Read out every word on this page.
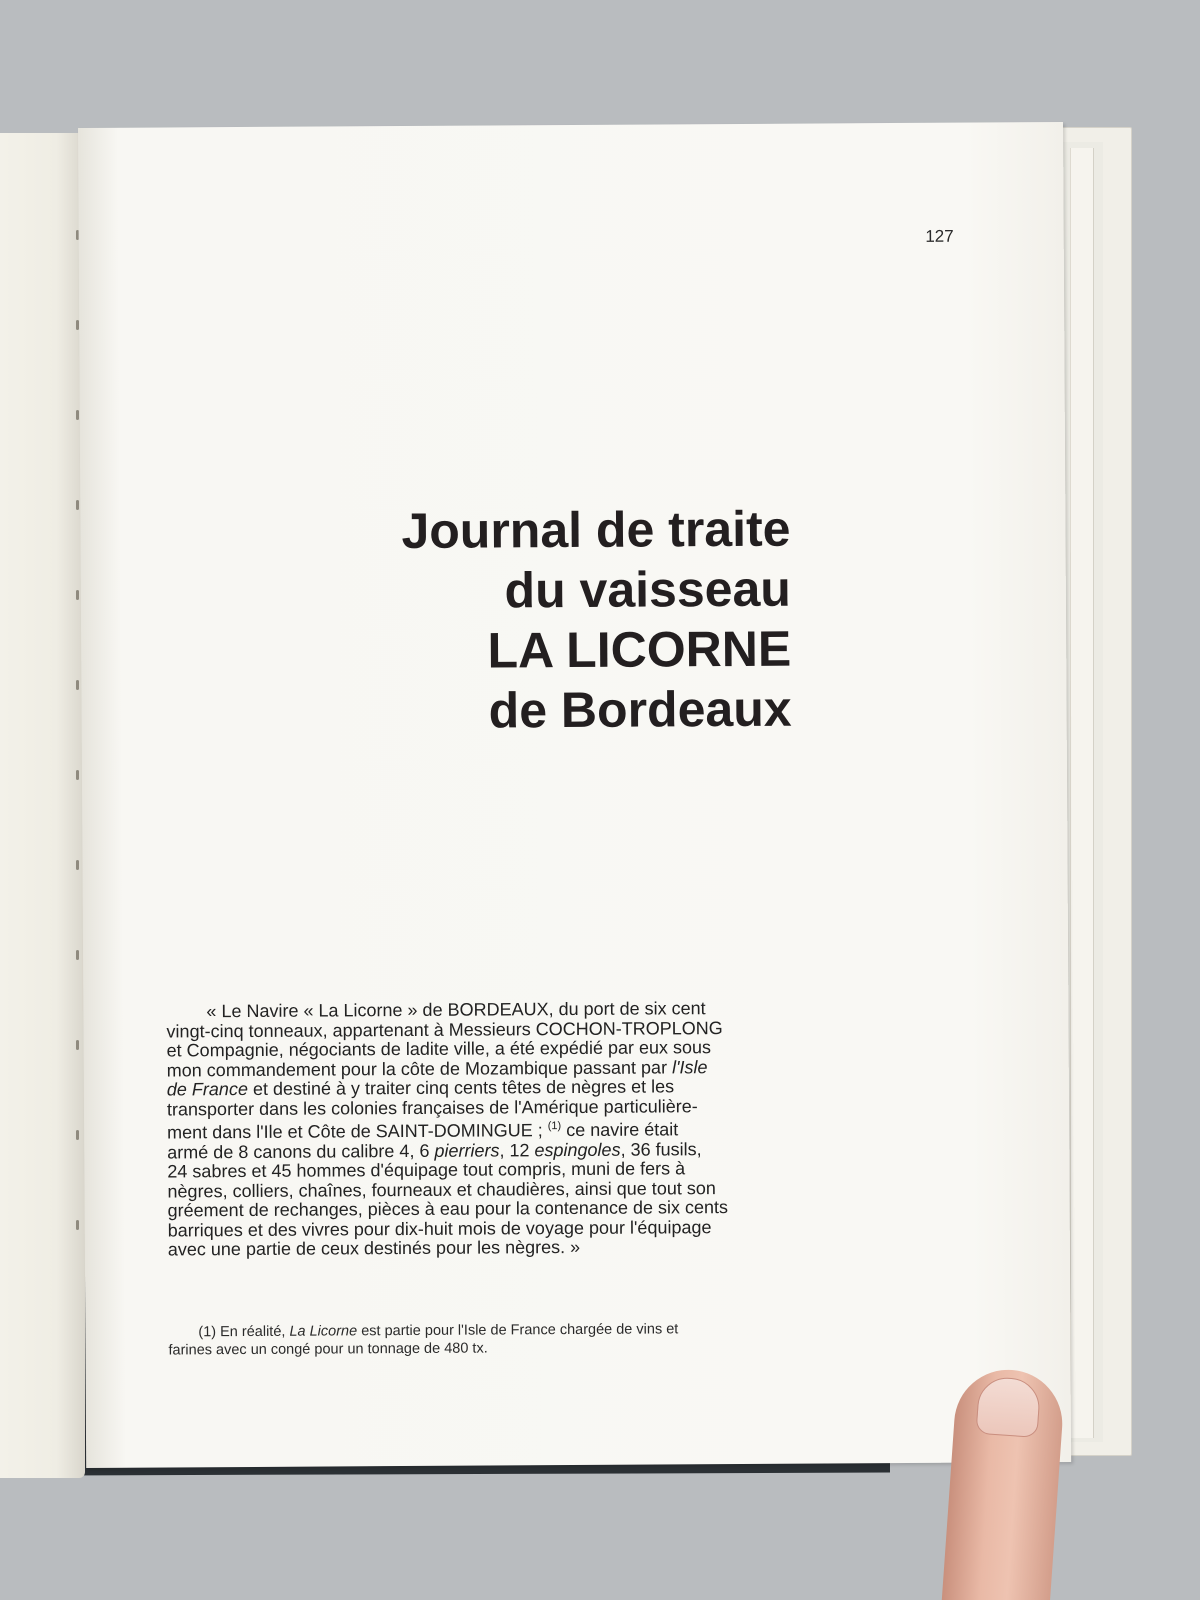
127
Journal de traite
du vaisseau
LA LICORNE
de Bordeaux
« Le Navire « La Licorne » de BORDEAUX, du port de six cent
vingt-cinq tonneaux, appartenant à Messieurs COCHON-TROPLONG
et Compagnie, négociants de ladite ville, a été expédié par eux sous
mon commandement pour la côte de Mozambique passant par l'Isle
de France et destiné à y traiter cinq cents têtes de nègres et les
transporter dans les colonies françaises de l'Amérique particulière-
ment dans l'Ile et Côte de SAINT-DOMINGUE ; $^{(1)}$ ce navire était
armé de 8 canons du calibre 4, 6 pierriers, 12 espingoles, 36 fusils,
24 sabres et 45 hommes d'équipage tout compris, muni de fers à
nègres, colliers, chaînes, fourneaux et chaudières, ainsi que tout son
gréement de rechanges, pièces à eau pour la contenance de six cents
barriques et des vivres pour dix-huit mois de voyage pour l'équipage
avec une partie de ceux destinés pour les nègres. »
(1) En réalité, La Licorne est partie pour l'Isle de France chargée de vins et
farines avec un congé pour un tonnage de 480 tx.
